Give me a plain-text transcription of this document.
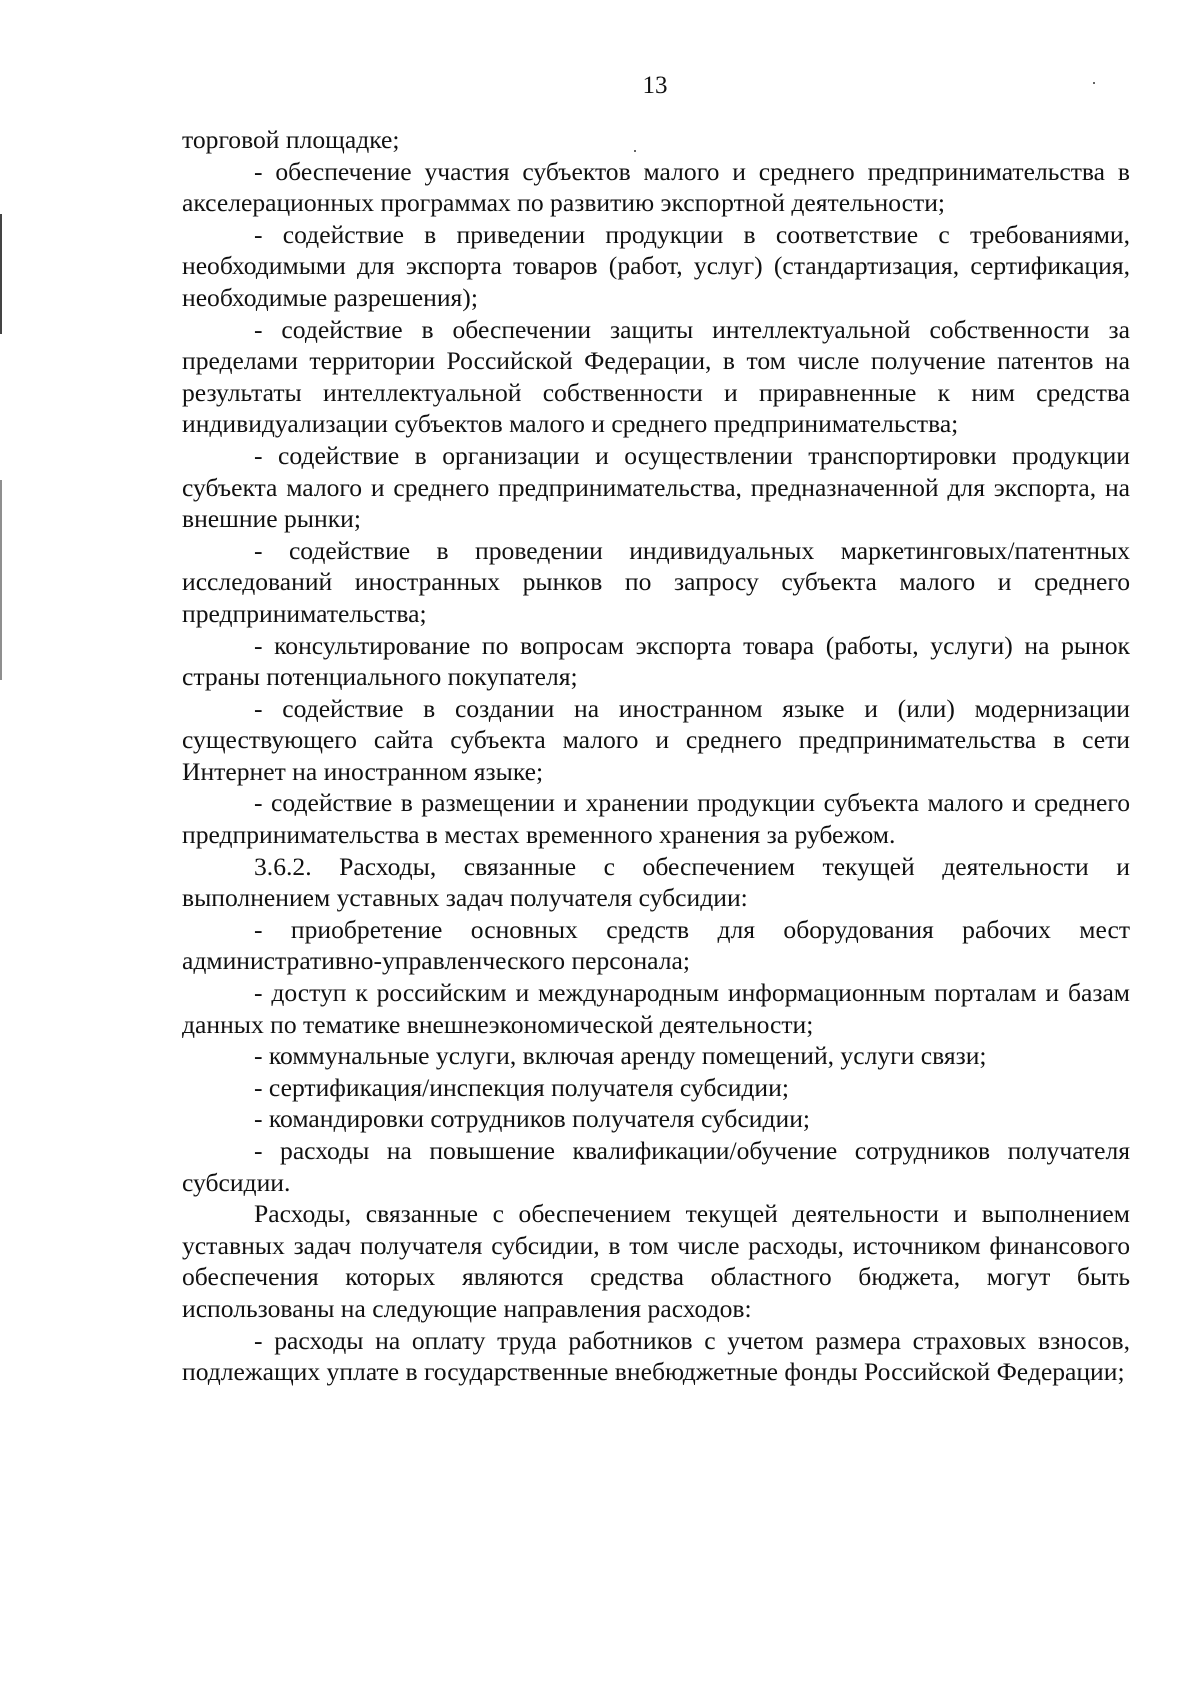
13

торговой площадке;

- обеспечение участия субъектов малого и среднего предпринимательства в акселерационных программах по развитию экспортной деятельности;

- содействие в приведении продукции в соответствие с требованиями, необходимыми для экспорта товаров (работ, услуг) (стандартизация, сертификация, необходимые разрешения);

- содействие в обеспечении защиты интеллектуальной собственности за пределами территории Российской Федерации, в том числе получение патентов на результаты интеллектуальной собственности и приравненные к ним средства индивидуализации субъектов малого и среднего предпринимательства;

- содействие в организации и осуществлении транспортировки продукции субъекта малого и среднего предпринимательства, предназначенной для экспорта, на внешние рынки;

- содействие в проведении индивидуальных маркетинговых/патентных исследований иностранных рынков по запросу субъекта малого и среднего предпринимательства;

- консультирование по вопросам экспорта товара (работы, услуги) на рынок страны потенциального покупателя;

- содействие в создании на иностранном языке и (или) модернизации существующего сайта субъекта малого и среднего предпринимательства в сети Интернет на иностранном языке;

- содействие в размещении и хранении продукции субъекта малого и среднего предпринимательства в местах временного хранения за рубежом.

3.6.2. Расходы, связанные с обеспечением текущей деятельности и выполнением уставных задач получателя субсидии:

- приобретение основных средств для оборудования рабочих мест административно-управленческого персонала;

- доступ к российским и международным информационным порталам и базам данных по тематике внешнеэкономической деятельности;

- коммунальные услуги, включая аренду помещений, услуги связи;

- сертификация/инспекция получателя субсидии;

- командировки сотрудников получателя субсидии;

- расходы на повышение квалификации/обучение сотрудников получателя субсидии.

Расходы, связанные с обеспечением текущей деятельности и выполнением уставных задач получателя субсидии, в том числе расходы, источником финансового обеспечения которых являются средства областного бюджета, могут быть использованы на следующие направления расходов:

- расходы на оплату труда работников с учетом размера страховых взносов, подлежащих уплате в государственные внебюджетные фонды Российской Федерации;
